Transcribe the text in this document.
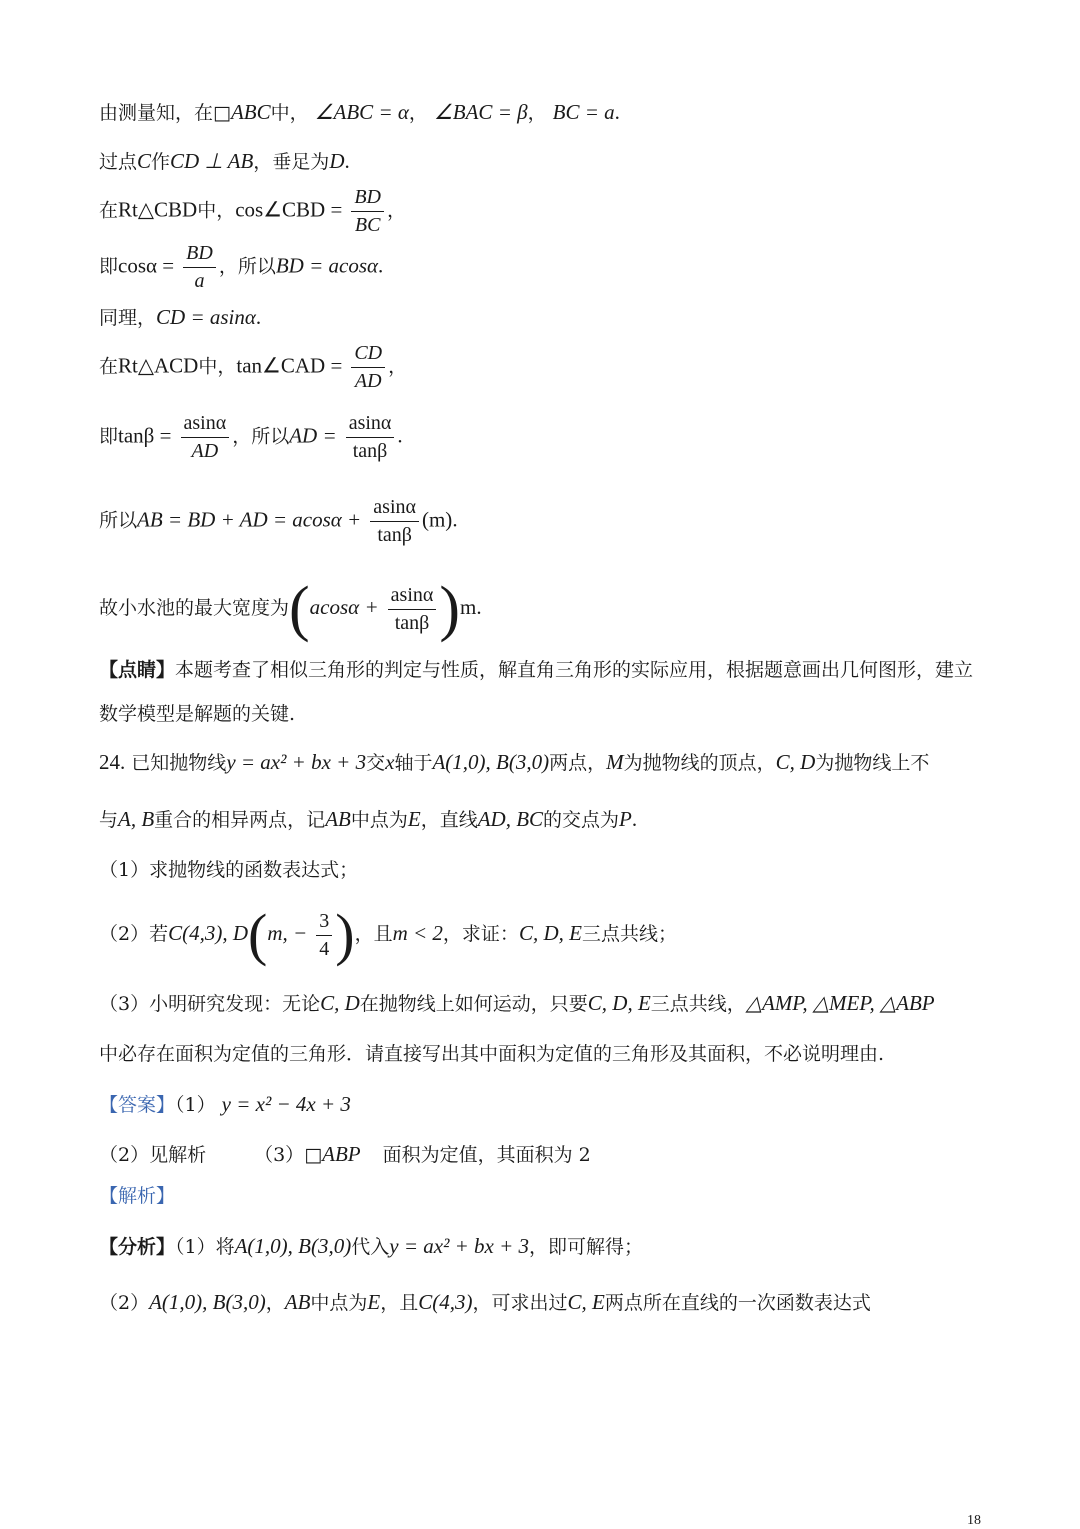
由测量知，在□ABC中， ∠ABC = α， ∠BAC = β， BC = a.
过点C作CD ⊥ AB，垂足为D.
在Rt△CBD中，cos∠CBD = $\frac{BD}{BC}$ ，
即$\cos\alpha = \frac{BD}{a}$ ，所以BD = acosα.
同理，CD = asinα.
在Rt△ACD中，tan∠CAD = $\frac{CD}{AD}$ ，
即$\tan\beta = \frac{asin\alpha}{AD}$ ，所以AD = $\frac{asin\alpha}{\tan\beta}$ .
所以AB = BD + AD = $acos\alpha + \frac{asin\alpha}{\tan\beta} (m)$.
故小水池的最大宽度为$(acos\alpha + \frac{asin\alpha}{\tan\beta} )m$.
【点睛】本题考查了相似三角形的判定与性质，解直角三角形的实际应用，根据题意画出几何图形，建立
数学模型是解题的关键.
24. 已知抛物线y = ax² + bx + 3交x轴于A(1,0), B(3,0)两点，M为抛物线的顶点，C, D为抛物线上不
与A, B重合的相异两点，记AB中点为E，直线AD, BC的交点为P.
（1）求抛物线的函数表达式；
（2）若C(4,3), D(m, − $\frac{3}{4}$ )，且m < 2，求证：C, D, E三点共线；
（3）小明研究发现：无论C, D在抛物线上如何运动，只要C, D, E三点共线，△AMP, △MEP, △ABP
中必存在面积为定值的三角形．请直接写出其中面积为定值的三角形及其面积，不必说明理由.
【答案】（1） y = x² − 4x + 3
（2）见解析	（3）□ABP 面积为定值，其面积为 2
【解析】
【分析】（1）将A(1,0), B(3,0)代入y = ax² + bx + 3，即可解得；
（2）A(1,0), B(3,0)，AB中点为E，且C(4,3)，可求出过C, E两点所在直线的一次函数表达式
18
